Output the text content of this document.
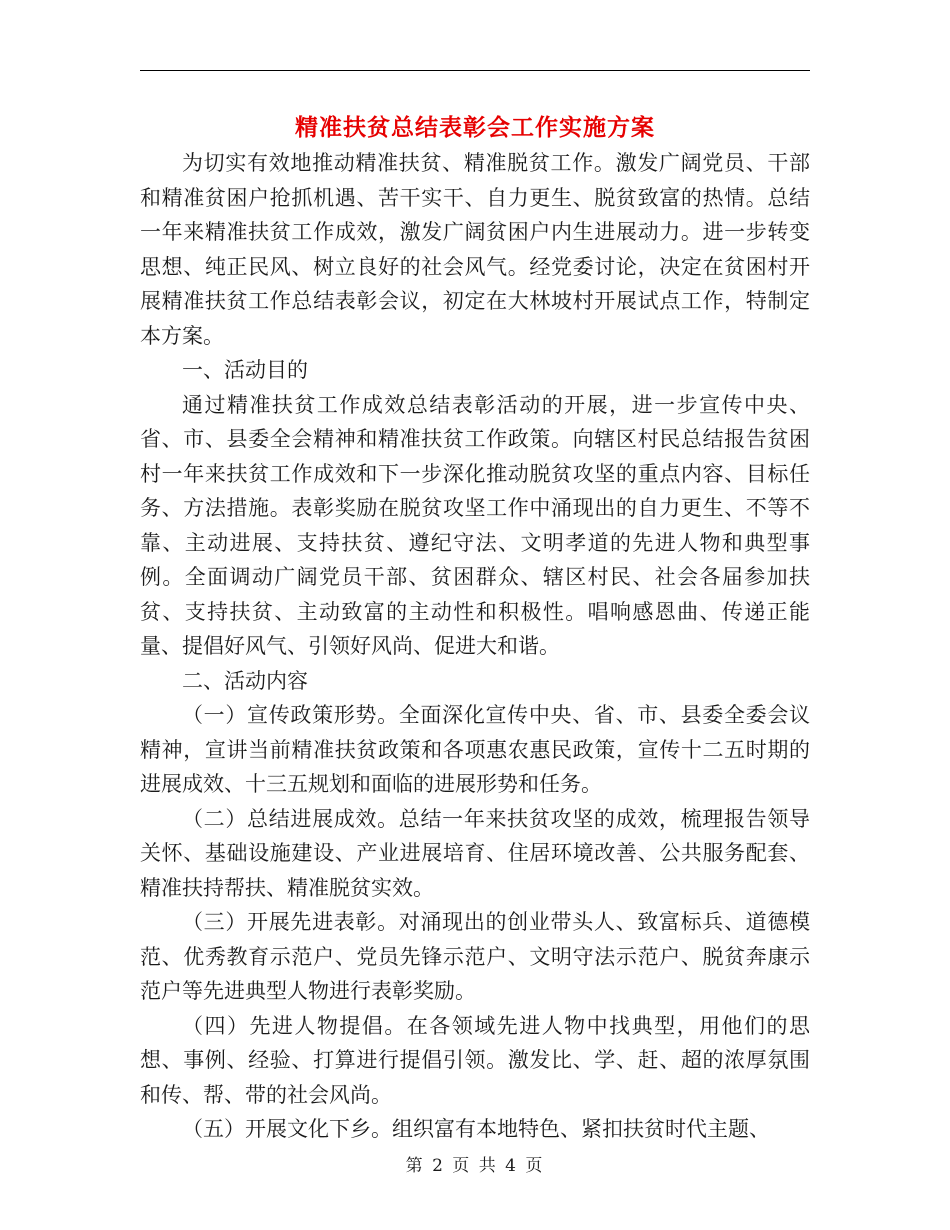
精准扶贫总结表彰会工作实施方案

为切实有效地推动精准扶贫、精准脱贫工作。激发广阔党员、干部和精准贫困户抢抓机遇、苦干实干、自力更生、脱贫致富的热情。总结一年来精准扶贫工作成效，激发广阔贫困户内生进展动力。进一步转变思想、纯正民风、树立良好的社会风气。经党委讨论，决定在贫困村开展精准扶贫工作总结表彰会议，初定在大林坡村开展试点工作，特制定本方案。

一、活动目的

通过精准扶贫工作成效总结表彰活动的开展，进一步宣传中央、省、市、县委全会精神和精准扶贫工作政策。向辖区村民总结报告贫困村一年来扶贫工作成效和下一步深化推动脱贫攻坚的重点内容、目标任务、方法措施。表彰奖励在脱贫攻坚工作中涌现出的自力更生、不等不靠、主动进展、支持扶贫、遵纪守法、文明孝道的先进人物和典型事例。全面调动广阔党员干部、贫困群众、辖区村民、社会各届参加扶贫、支持扶贫、主动致富的主动性和积极性。唱响感恩曲、传递正能量、提倡好风气、引领好风尚、促进大和谐。

二、活动内容

（一）宣传政策形势。全面深化宣传中央、省、市、县委全委会议精神，宣讲当前精准扶贫政策和各项惠农惠民政策，宣传十二五时期的进展成效、十三五规划和面临的进展形势和任务。

（二）总结进展成效。总结一年来扶贫攻坚的成效，梳理报告领导关怀、基础设施建设、产业进展培育、住居环境改善、公共服务配套、精准扶持帮扶、精准脱贫实效。

（三）开展先进表彰。对涌现出的创业带头人、致富标兵、道德模范、优秀教育示范户、党员先锋示范户、文明守法示范户、脱贫奔康示范户等先进典型人物进行表彰奖励。

（四）先进人物提倡。在各领域先进人物中找典型，用他们的思想、事例、经验、打算进行提倡引领。激发比、学、赶、超的浓厚氛围和传、帮、带的社会风尚。

（五）开展文化下乡。组织富有本地特色、紧扣扶贫时代主题、

第 2 页 共 4 页
